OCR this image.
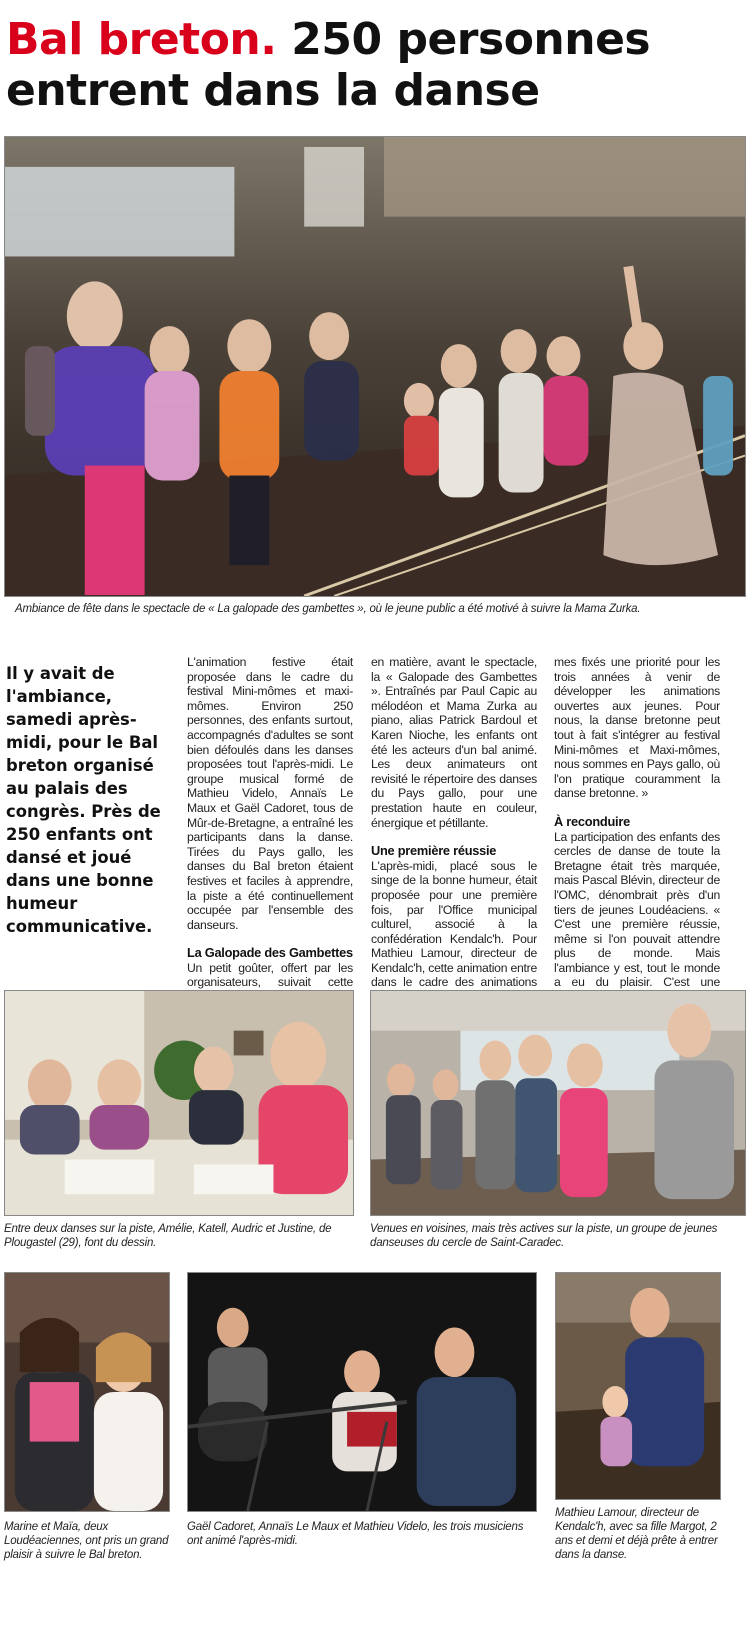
Bal breton. 250 personnes
entrent dans la danse
Ambiance de fête dans le spectacle de « La galopade des gambettes », où le jeune public a été motivé à suivre la Mama Zurka.
Il y avait de l'ambiance, samedi après-midi, pour le Bal breton organisé au palais des congrès. Près de 250 enfants ont dansé et joué dans une bonne humeur communicative.

L'animation festive était proposée dans le cadre du festival Mini-mômes et maxi-mômes. Environ 250 personnes, des enfants surtout, accompagnés d'adultes se sont bien défoulés dans les danses proposées tout l'après-midi. Le groupe musical formé de Mathieu Videlo, Annaïs Le Maux et Gaël Cadoret, tous de Mûr-de-Bretagne, a entraîné les participants dans la danse. Tirées du Pays gallo, les danses du Bal breton étaient festives et faciles à apprendre, la piste a été continuellement occupée par l'ensemble des danseurs.

La Galopade des Gambettes

Un petit goûter, offert par les organisateurs, suivait cette

en matière, avant le spectacle, la « Galopade des Gambettes ». Entraînés par Paul Capic au mélodéon et Mama Zurka au piano, alias Patrick Bardoul et Karen Nioche, les enfants ont été les acteurs d'un bal animé. Les deux animateurs ont revisité le répertoire des danses du Pays gallo, pour une prestation haute en couleur, énergique et pétillante.

Une première réussie

L'après-midi, placé sous le singe de la bonne humeur, était proposée pour une première fois, par l'Office municipal culturel, associé à la confédération Kendalc'h. Pour Mathieu Lamour, directeur de Kendalc'h, cette animation entre dans le cadre des animations

mes fixés une priorité pour les trois années à venir de développer les animations ouvertes aux jeunes. Pour nous, la danse bretonne peut tout à fait s'intégrer au festival Mini-mômes et Maxi-mômes, nous sommes en Pays gallo, où l'on pratique couramment la danse bretonne. »

À reconduire

La participation des enfants des cercles de danse de toute la Bretagne était très marquée, mais Pascal Blévin, directeur de l'OMC, dénombrait près d'un tiers de jeunes Loudéaciens. « C'est une première réussie, même si l'on pouvait attendre plus de monde. Mais l'ambiance y est, tout le monde a eu du plaisir. C'est une

Entre deux danses sur la piste, Amélie, Katell, Audric et Justine, de Plougastel (29), font du dessin.
Venues en voisines, mais très actives sur la piste, un groupe de jeunes danseuses du cercle de Saint-Caradec.
Marine et Maïa, deux Loudéaciennes, ont pris un grand plaisir à suivre le Bal breton.
Gaël Cadoret, Annaïs Le Maux et Mathieu Videlo, les trois musiciens ont animé l'après-midi.
Mathieu Lamour, directeur de Kendalc'h, avec sa fille Margot, 2 ans et demi et déjà prête à entrer dans la danse.
